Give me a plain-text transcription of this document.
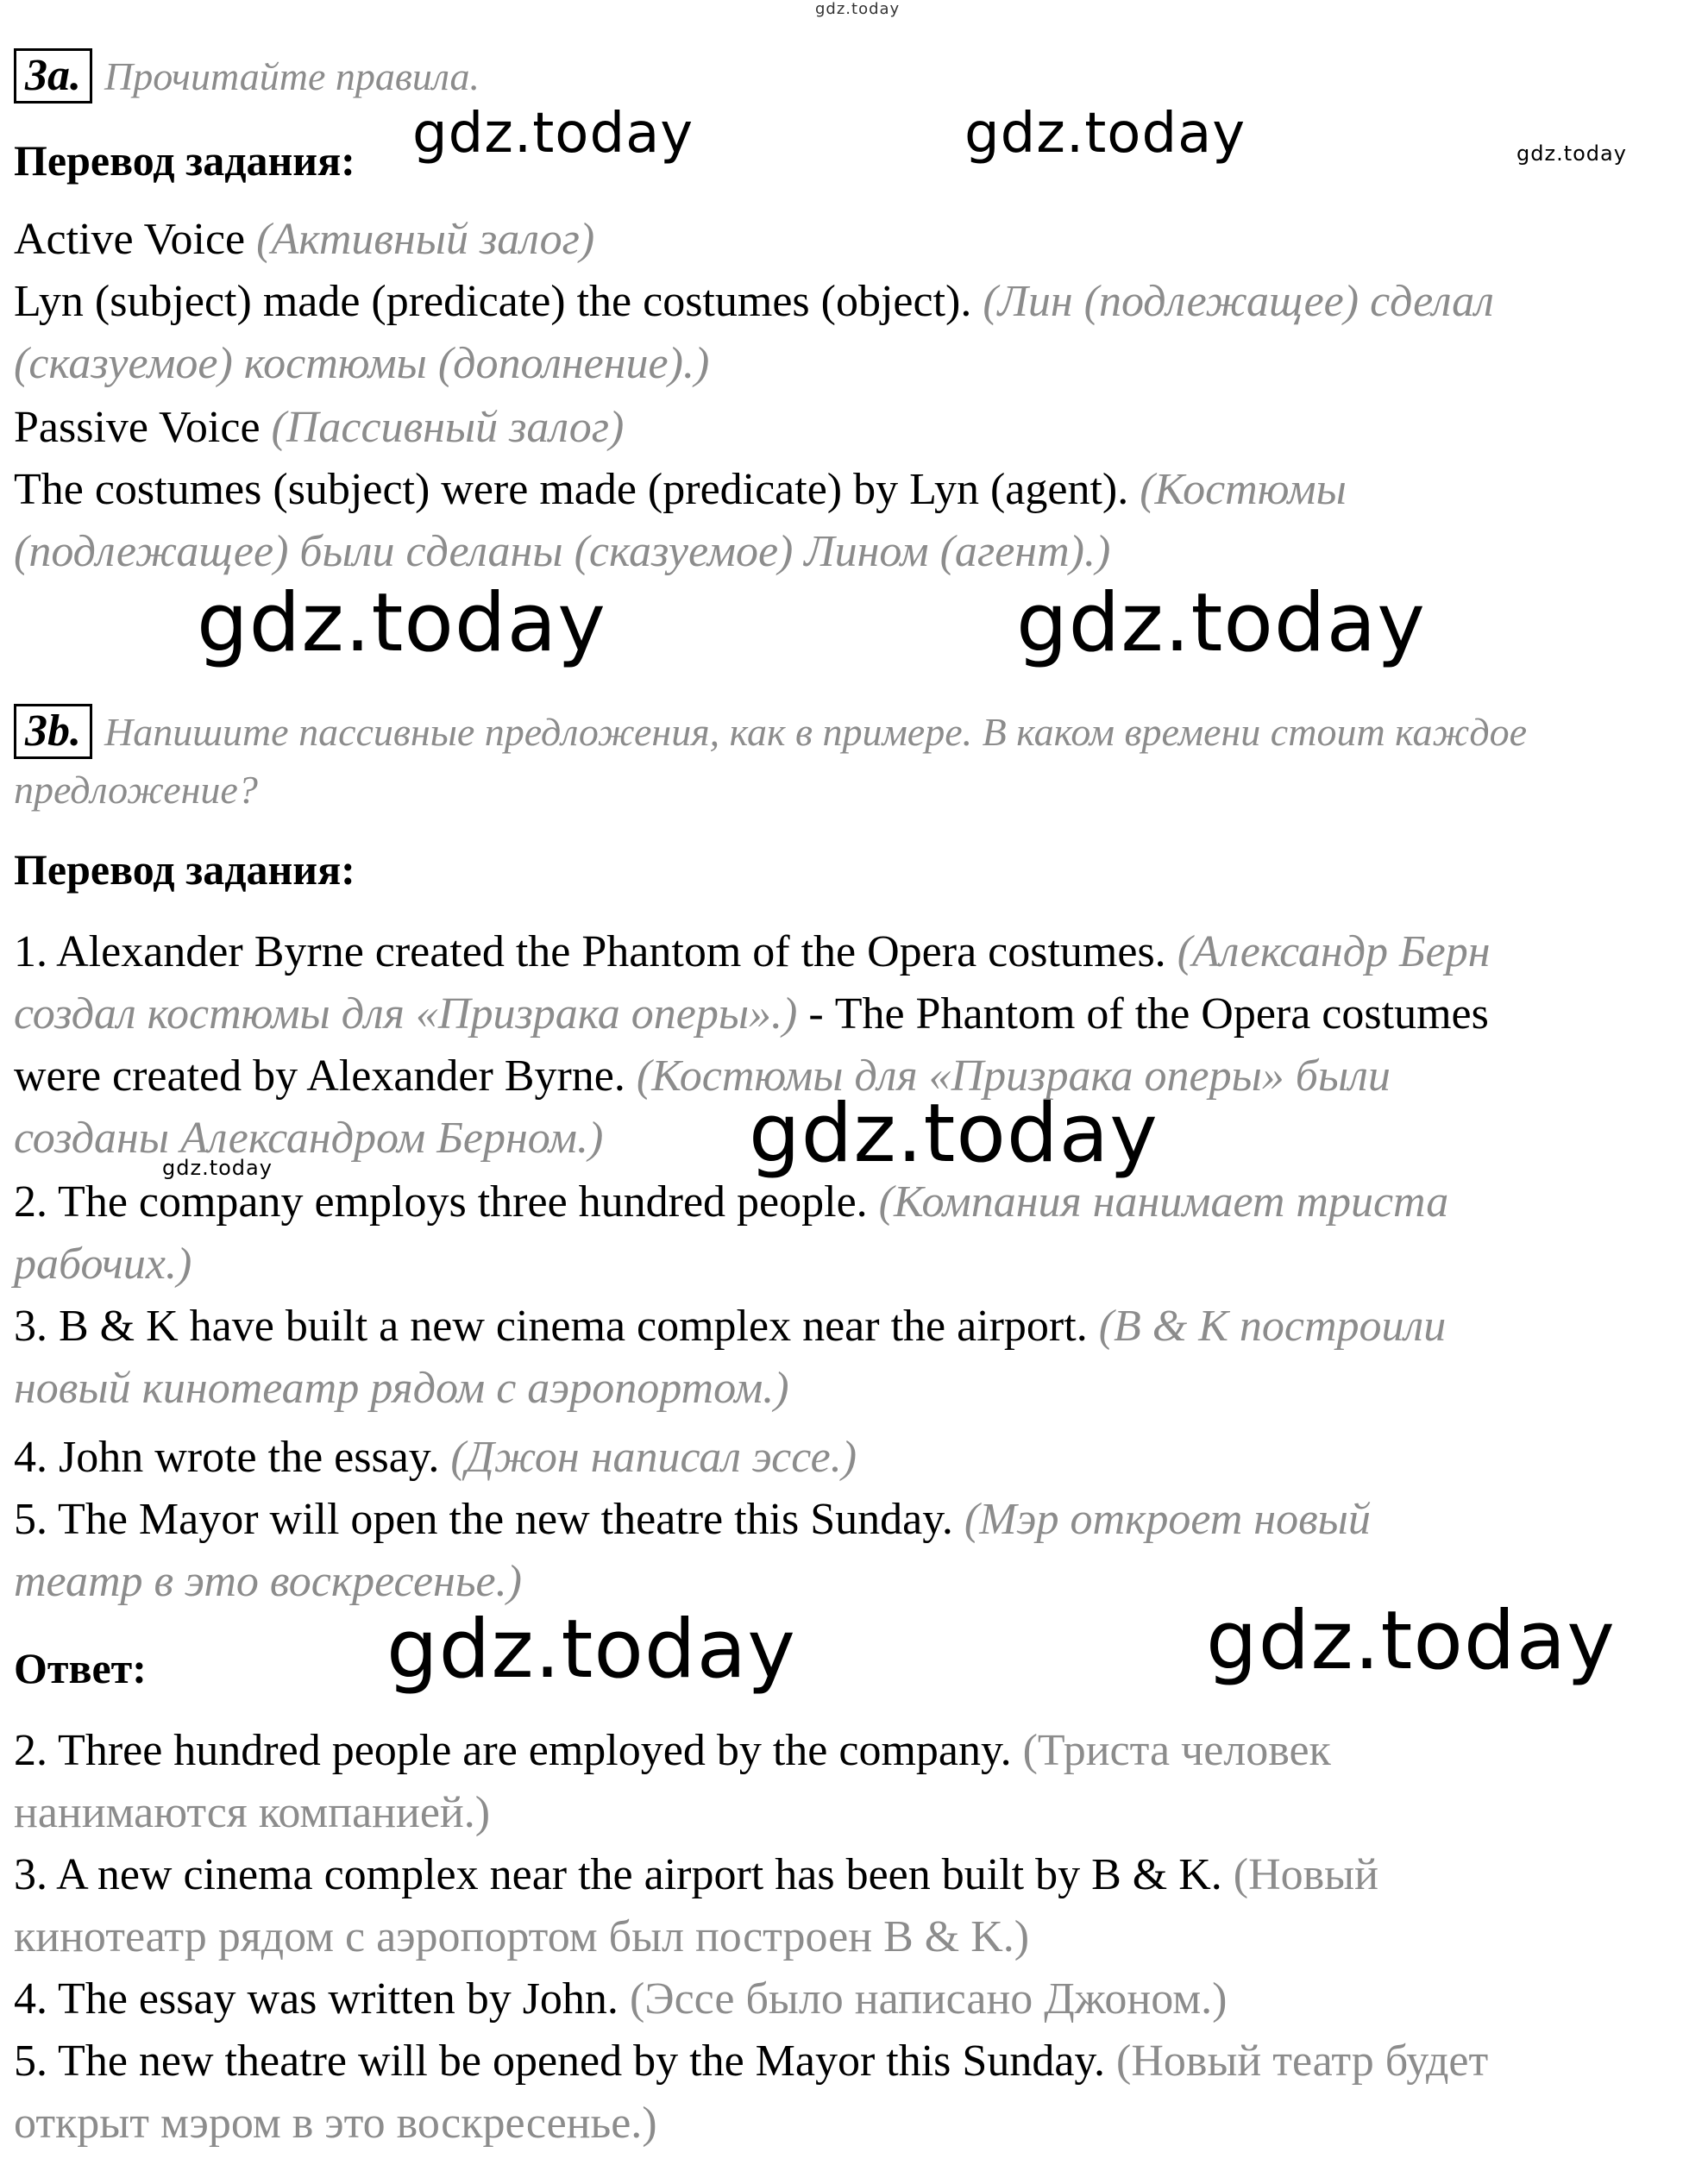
3a. Прочитайте правила.
Перевод задания:
Active Voice (Активный залог)
Lyn (subject) made (predicate) the costumes (object). (Лин (подлежащее) сделал
(сказуемое) костюмы (дополнение).)
Passive Voice (Пассивный залог)
The costumes (subject) were made (predicate) by Lyn (agent). (Костюмы
(подлежащее) были сделаны (сказуемое) Лином (агент).)
3b. Напишите пассивные предложения, как в примере. В каком времени стоит каждое
предложение?
Перевод задания:
1. Alexander Byrne created the Phantom of the Opera costumes. (Александр Берн
создал костюмы для «Призрака оперы».) - The Phantom of the Opera costumes
were created by Alexander Byrne. (Костюмы для «Призрака оперы» были
созданы Александром Берном.)
2. The company employs three hundred people. (Компания нанимает триста
рабочих.)
3. B & K have built a new cinema complex near the airport. (B & K построили
новый кинотеатр рядом с аэропортом.)
4. John wrote the essay. (Джон написал эссе.)
5. The Mayor will open the new theatre this Sunday. (Мэр откроет новый
театр в это воскресенье.)
Ответ:
2. Three hundred people are employed by the company. (Триста человек
нанимаются компанией.)
3. A new cinema complex near the airport has been built by B & K. (Новый
кинотеатр рядом с аэропортом был построен B & K.)
4. The essay was written by John. (Эссе было написано Джоном.)
5. The new theatre will be opened by the Mayor this Sunday. (Новый театр будет
открыт мэром в это воскресенье.)
gdz.today
gdz.today	gdz.today	gdz.today
gdz.today	gdz.today
gdz.today
gdz.today
gdz.today	gdz.today
